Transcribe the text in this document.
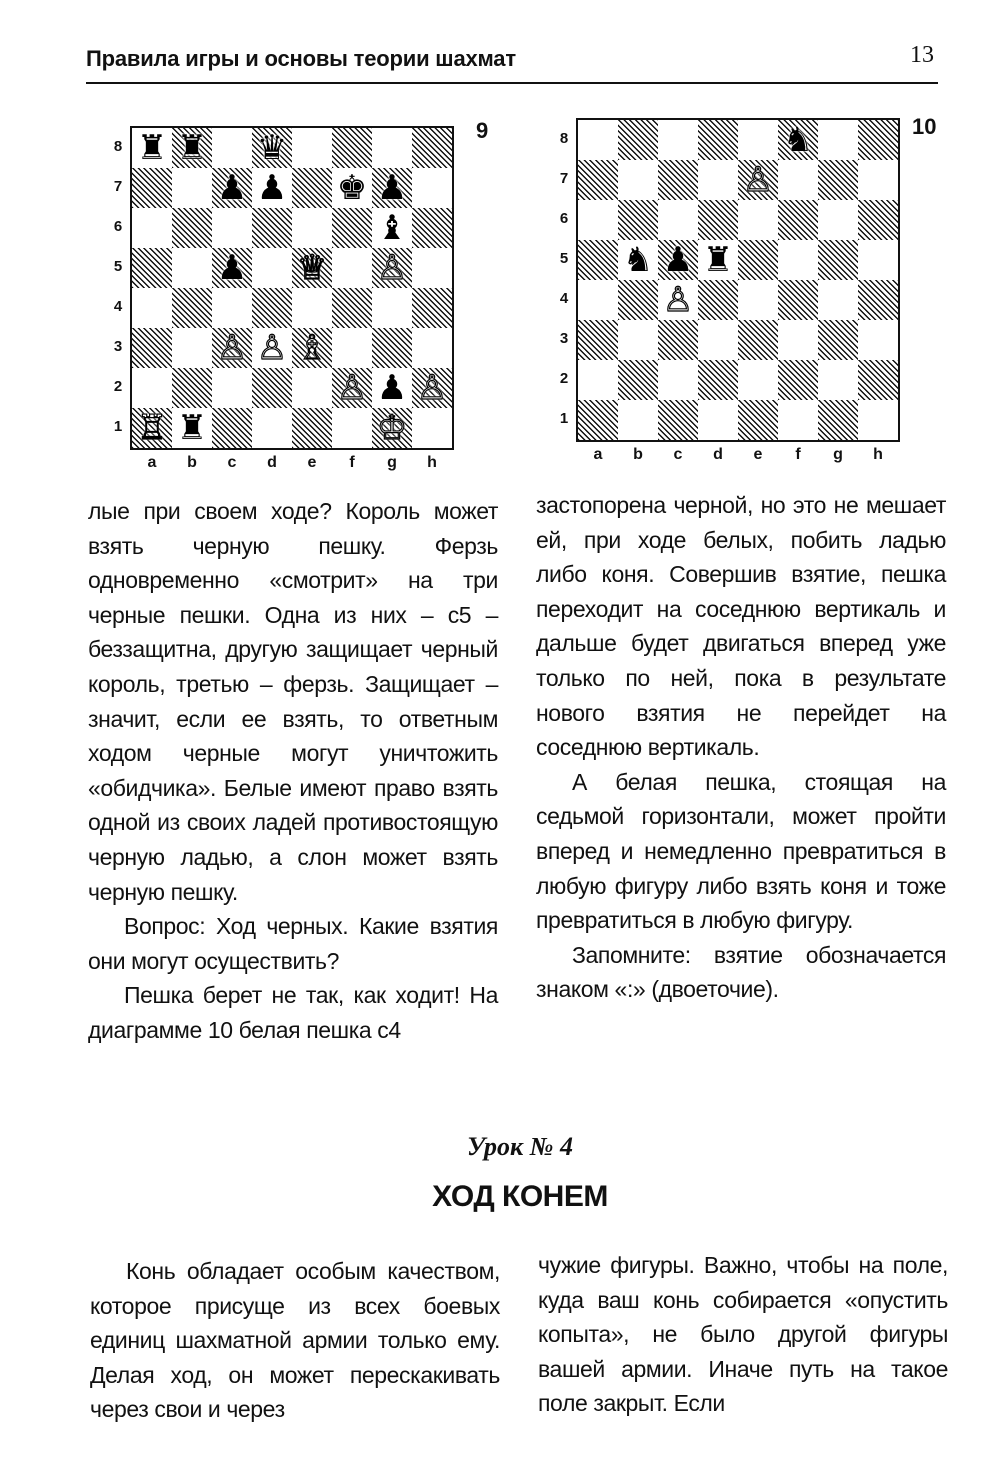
Правила игры и основы теории шахмат	13
♜ ♜ ♛
♟ ♟ ♚ ♟
♝
♟ ♕ ♙
♙ ♙ ♗
♙ ♟ ♙
♖ ♜	♔
9
8
7
6
5
4
3
2
1
a	b	c	d	e	f	g	h
♞
♙
♞ ♟ ♜
♙
10
8
7
6
5
4
3
2
1
a	b	c	d	e	f	g	h

лые при своем ходе? Король может взять черную пешку. Ферзь одновременно «смотрит» на три черные пешки. Одна из них – с5 – беззащитна, другую защищает черный король, третью – ферзь. Защищает – значит, если ее взять, то ответным ходом черные могут уничтожить «обидчика». Белые имеют право взять одной из своих ладей противостоящую черную ладью, а слон может взять черную пешку.

Вопрос: Ход черных. Какие взятия они могут осуществить?

Пешка берет не так, как ходит! На диаграмме 10 белая пешка с4

застопорена черной, но это не мешает ей, при ходе белых, побить ладью либо коня. Совершив взятие, пешка переходит на соседнюю вертикаль и дальше будет двигаться вперед уже только по ней, пока в результате нового взятия не перейдет на соседнюю вертикаль.

А белая пешка, стоящая на седьмой горизонтали, может пройти вперед и немедленно превратиться в любую фигуру либо взять коня и тоже превратиться в любую фигуру.

Запомните: взятие обозначается знаком «:» (двоеточие).

Урок № 4
ХОД КОНЕМ

Конь обладает особым качеством, которое присуще из всех боевых единиц шахматной армии только ему. Делая ход, он может перескакивать через свои и через

чужие фигуры. Важно, чтобы на поле, куда ваш конь собирается «опустить копыта», не было другой фигуры вашей армии. Иначе путь на такое поле закрыт. Если
